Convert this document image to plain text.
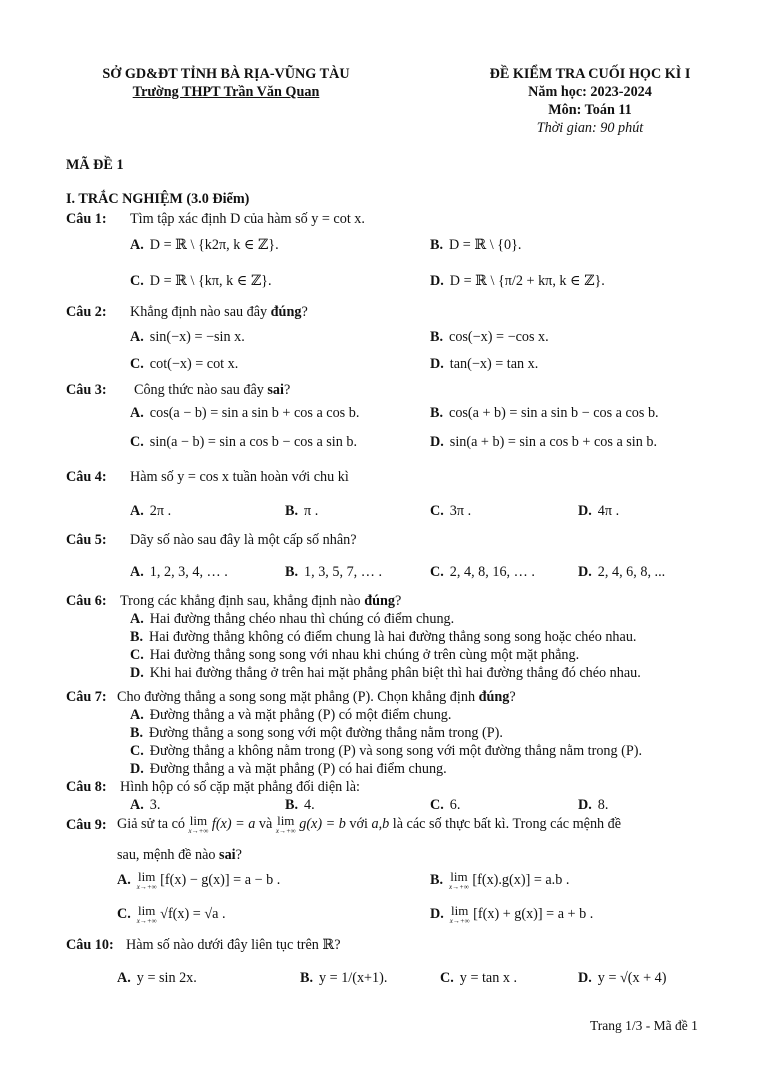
SỞ GD&ĐT TỈNH BÀ RỊA-VŨNG TÀU
Trường THPT Trần Văn Quan
ĐỀ KIỂM TRA CUỐI HỌC KÌ I
Năm học: 2023-2024
Môn: Toán 11
Thời gian: 90 phút
MÃ ĐỀ 1
I. TRẮC NGHIỆM (3.0 Điểm)
Câu 1: Tìm tập xác định D của hàm số y = cot x.
A. D = ℝ \ {k2π, k ∈ ℤ}.	B. D = ℝ \ {0}.
C. D = ℝ \ {kπ, k ∈ ℤ}.	D. D = ℝ \ {π/2 + kπ, k ∈ ℤ}.
Câu 2: Khẳng định nào sau đây đúng?
A. sin(−x) = −sin x.	B. cos(−x) = −cos x.
C. cot(−x) = cot x.	D. tan(−x) = tan x.
Câu 3: Công thức nào sau đây sai?
A. cos(a − b) = sin a sin b + cos a cos b.	B. cos(a + b) = sin a sin b − cos a cos b.
C. sin(a − b) = sin a cos b − cos a sin b.	D. sin(a + b) = sin a cos b + cos a sin b.
Câu 4: Hàm số y = cos x tuần hoàn với chu kì
A. 2π .	B. π .	C. 3π .	D. 4π .
Câu 5: Dãy số nào sau đây là một cấp số nhân?
A. 1, 2, 3, 4, … .	B. 1, 3, 5, 7, … .	C. 2, 4, 8, 16, … .	D. 2, 4, 6, 8, ...
Câu 6: Trong các khẳng định sau, khẳng định nào đúng?
A. Hai đường thẳng chéo nhau thì chúng có điểm chung.
B. Hai đường thẳng không có điểm chung là hai đường thẳng song song hoặc chéo nhau.
C. Hai đường thẳng song song với nhau khi chúng ở trên cùng một mặt phẳng.
D. Khi hai đường thẳng ở trên hai mặt phẳng phân biệt thì hai đường thẳng đó chéo nhau.
Câu 7: Cho đường thẳng a song song mặt phẳng (P). Chọn khẳng định đúng?
A. Đường thẳng a và mặt phẳng (P) có một điểm chung.
B. Đường thẳng a song song với một đường thẳng nằm trong (P).
C. Đường thẳng a không nằm trong (P) và song song với một đường thẳng nằm trong (P).
D. Đường thẳng a và mặt phẳng (P) có hai điểm chung.
Câu 8: Hình hộp có số cặp mặt phẳng đối diện là:
A. 3.	B. 4.	C. 6.	D. 8.
Câu 9: Giả sử ta có lim
x→+∞ f(x) = a và lim
x→+∞ g(x) = b với a,b là các số thực bất kì. Trong các mệnh đề
sau, mệnh đề nào sai?
A. lim
x→+∞ [f(x) − g(x)] = a − b .	B. lim
x→+∞ [f(x).g(x)] = a.b .
C. lim
x→+∞ √f(x) = √a .	D. lim
x→+∞ [f(x) + g(x)] = a + b .
Câu 10: Hàm số nào dưới đây liên tục trên ℝ?
A. y = sin 2x.	B. y = 1/(x+1).	C. y = tan x .	D. y = √(x + 4)
Trang 1/3 - Mã đề 1
